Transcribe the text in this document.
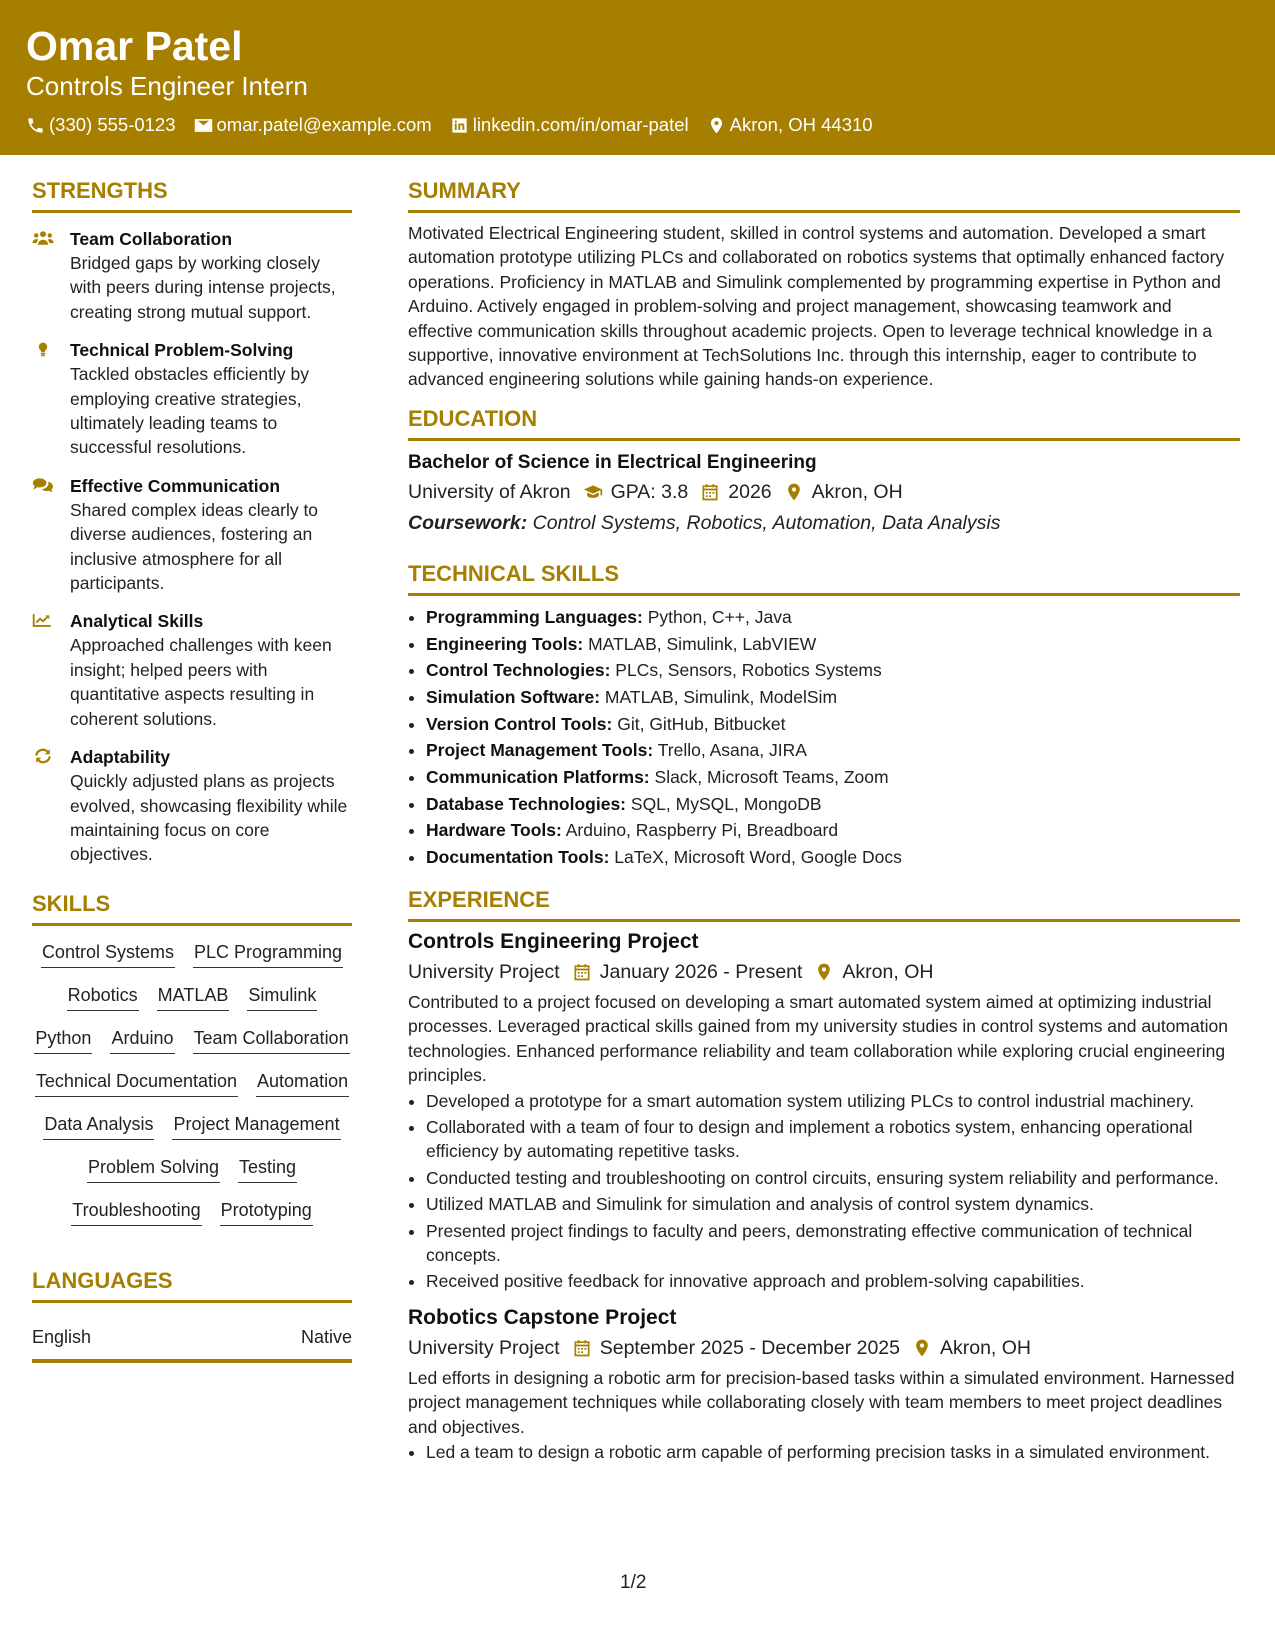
Omar Patel
Controls Engineer Intern
(330) 555-0123 omar.patel@example.com linkedin.com/in/omar-patel Akron, OH 44310
STRENGTHS
Team Collaboration
Bridged gaps by working closely with peers during intense projects, creating strong mutual support.
Technical Problem-Solving
Tackled obstacles efficiently by employing creative strategies, ultimately leading teams to successful resolutions.
Effective Communication
Shared complex ideas clearly to diverse audiences, fostering an inclusive atmosphere for all participants.
Analytical Skills
Approached challenges with keen insight; helped peers with quantitative aspects resulting in coherent solutions.
Adaptability
Quickly adjusted plans as projects evolved, showcasing flexibility while maintaining focus on core objectives.
SKILLS
Control Systems PLC Programming
Robotics MATLAB Simulink
Python Arduino Team Collaboration
Technical Documentation Automation
Data Analysis Project Management
Problem Solving Testing
Troubleshooting Prototyping
LANGUAGES
English	Native
SUMMARY
Motivated Electrical Engineering student, skilled in control systems and automation. Developed a smart automation prototype utilizing PLCs and collaborated on robotics systems that optimally enhanced factory operations. Proficiency in MATLAB and Simulink complemented by programming expertise in Python and Arduino. Actively engaged in problem-solving and project management, showcasing teamwork and effective communication skills throughout academic projects. Open to leverage technical knowledge in a supportive, innovative environment at TechSolutions Inc. through this internship, eager to contribute to advanced engineering solutions while gaining hands-on experience.
EDUCATION
Bachelor of Science in Electrical Engineering
University of Akron GPA: 3.8 2026 Akron, OH
Coursework: Control Systems, Robotics, Automation, Data Analysis
TECHNICAL SKILLS
• Programming Languages: Python, C++, Java
• Engineering Tools: MATLAB, Simulink, LabVIEW
• Control Technologies: PLCs, Sensors, Robotics Systems
• Simulation Software: MATLAB, Simulink, ModelSim
• Version Control Tools: Git, GitHub, Bitbucket
• Project Management Tools: Trello, Asana, JIRA
• Communication Platforms: Slack, Microsoft Teams, Zoom
• Database Technologies: SQL, MySQL, MongoDB
• Hardware Tools: Arduino, Raspberry Pi, Breadboard
• Documentation Tools: LaTeX, Microsoft Word, Google Docs
EXPERIENCE
Controls Engineering Project
University Project January 2026 - Present Akron, OH
Contributed to a project focused on developing a smart automated system aimed at optimizing industrial processes. Leveraged practical skills gained from my university studies in control systems and automation technologies. Enhanced performance reliability and team collaboration while exploring crucial engineering principles.
• Developed a prototype for a smart automation system utilizing PLCs to control industrial machinery.
• Collaborated with a team of four to design and implement a robotics system, enhancing operational efficiency by automating repetitive tasks.
• Conducted testing and troubleshooting on control circuits, ensuring system reliability and performance.
• Utilized MATLAB and Simulink for simulation and analysis of control system dynamics.
• Presented project findings to faculty and peers, demonstrating effective communication of technical concepts.
• Received positive feedback for innovative approach and problem-solving capabilities.
Robotics Capstone Project
University Project September 2025 - December 2025 Akron, OH
Led efforts in designing a robotic arm for precision-based tasks within a simulated environment. Harnessed project management techniques while collaborating closely with team members to meet project deadlines and objectives.
• Led a team to design a robotic arm capable of performing precision tasks in a simulated environment.
1/2
